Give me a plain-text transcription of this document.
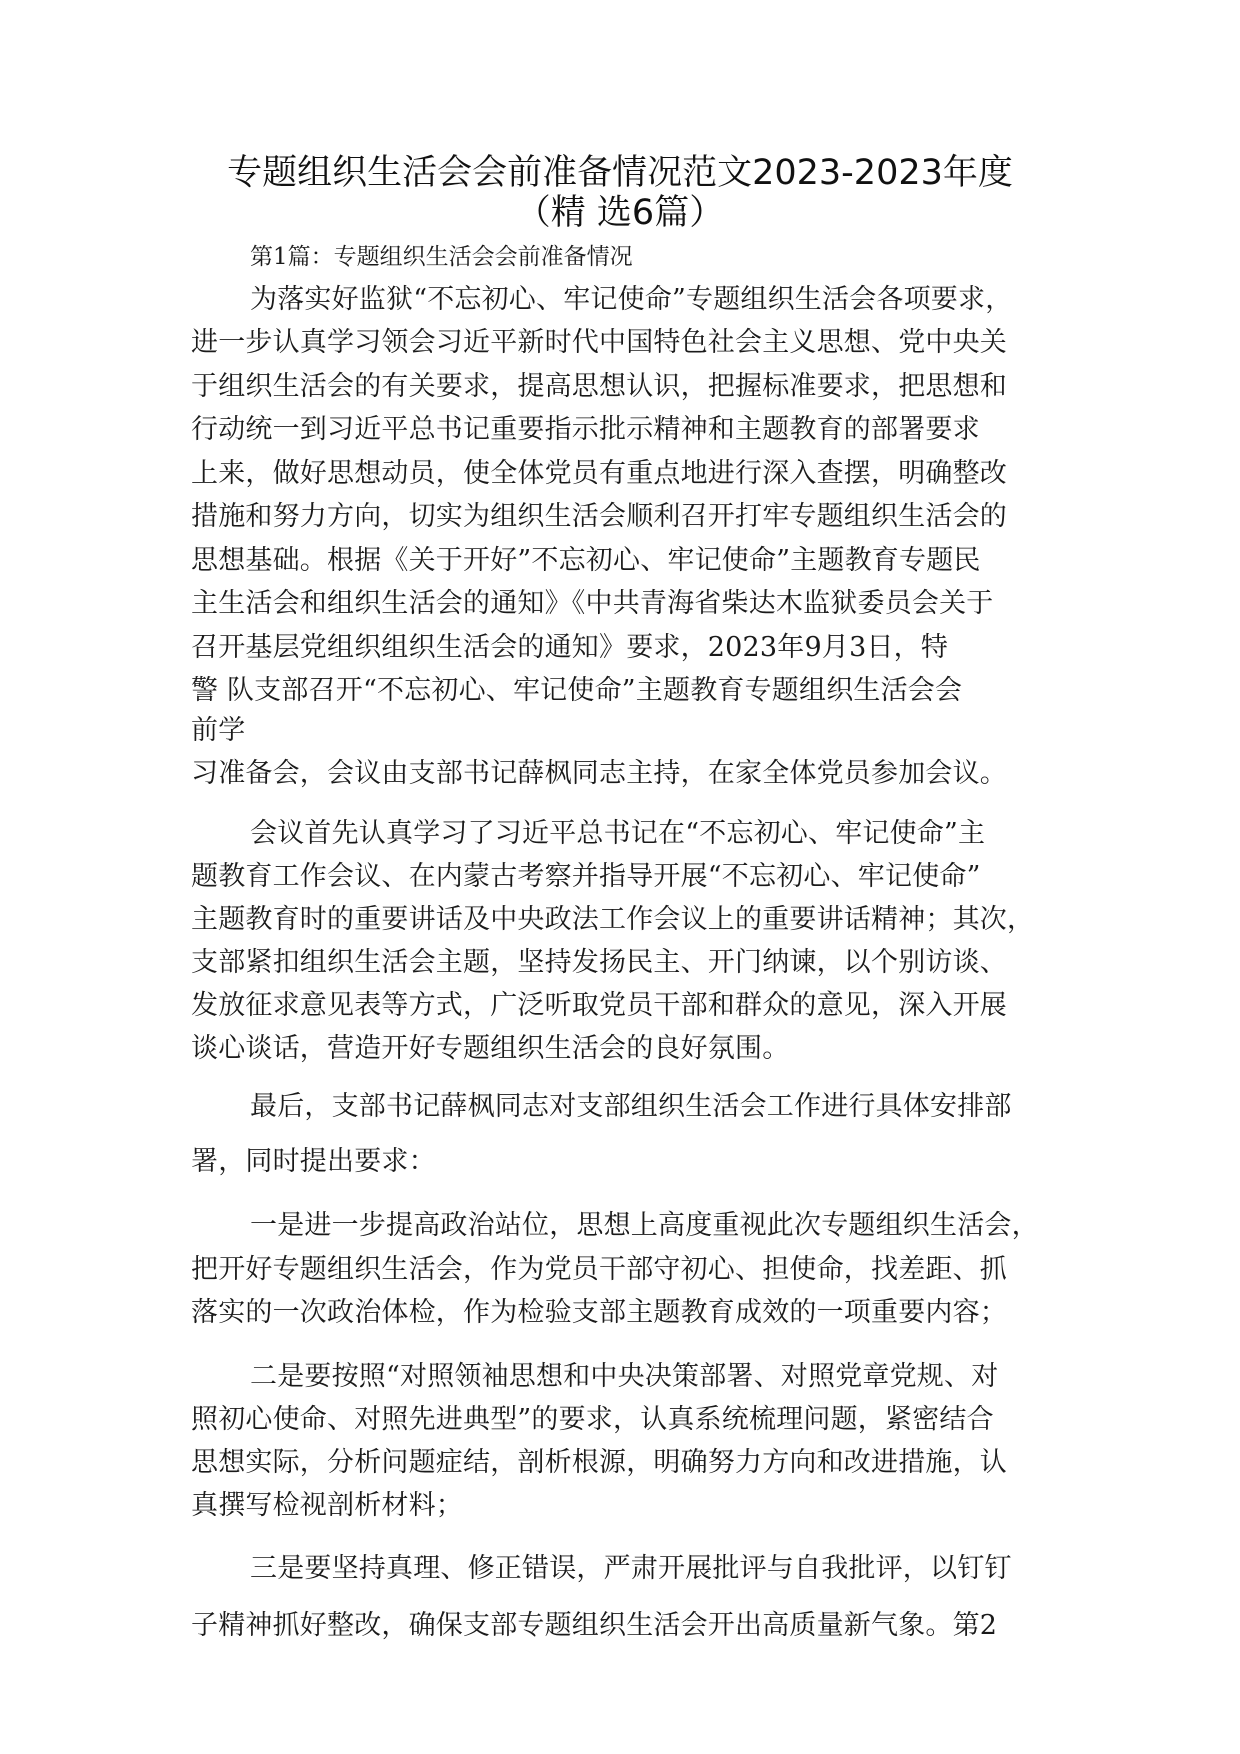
专题组织生活会会前准备情况范文2023-2023年度
（精 选6篇）
第1篇：专题组织生活会会前准备情况
为落实好监狱“不忘初心、牢记使命”专题组织生活会各项要求，
进一步认真学习领会习近平新时代中国特色社会主义思想、党中央关
于组织生活会的有关要求，提高思想认识，把握标准要求，把思想和
行动统一到习近平总书记重要指示批示精神和主题教育的部署要求
上来，做好思想动员，使全体党员有重点地进行深入查摆，明确整改
措施和努力方向，切实为组织生活会顺利召开打牢专题组织生活会的
思想基础。根据《关于开好”不忘初心、牢记使命”主题教育专题民
主生活会和组织生活会的通知》《中共青海省柴达木监狱委员会关于
召开基层党组织组织生活会的通知》要求，2023年9月3日，特
警 队支部召开“不忘初心、牢记使命”主题教育专题组织生活会会
前学
习准备会，会议由支部书记薛枫同志主持，在家全体党员参加会议。
会议首先认真学习了习近平总书记在“不忘初心、牢记使命”主
题教育工作会议、在内蒙古考察并指导开展“不忘初心、牢记使命”
主题教育时的重要讲话及中央政法工作会议上的重要讲话精神；其次，
支部紧扣组织生活会主题，坚持发扬民主、开门纳谏，以个别访谈、
发放征求意见表等方式，广泛听取党员干部和群众的意见，深入开展
谈心谈话，营造开好专题组织生活会的良好氛围。
最后，支部书记薛枫同志对支部组织生活会工作进行具体安排部
署，同时提出要求：
一是进一步提高政治站位，思想上高度重视此次专题组织生活会，
把开好专题组织生活会，作为党员干部守初心、担使命，找差距、抓
落实的一次政治体检，作为检验支部主题教育成效的一项重要内容；
二是要按照“对照领袖思想和中央决策部署、对照党章党规、对
照初心使命、对照先进典型”的要求，认真系统梳理问题，紧密结合
思想实际，分析问题症结，剖析根源，明确努力方向和改进措施，认
真撰写检视剖析材料；
三是要坚持真理、修正错误，严肃开展批评与自我批评，以钉钉
子精神抓好整改，确保支部专题组织生活会开出高质量新气象。第2
